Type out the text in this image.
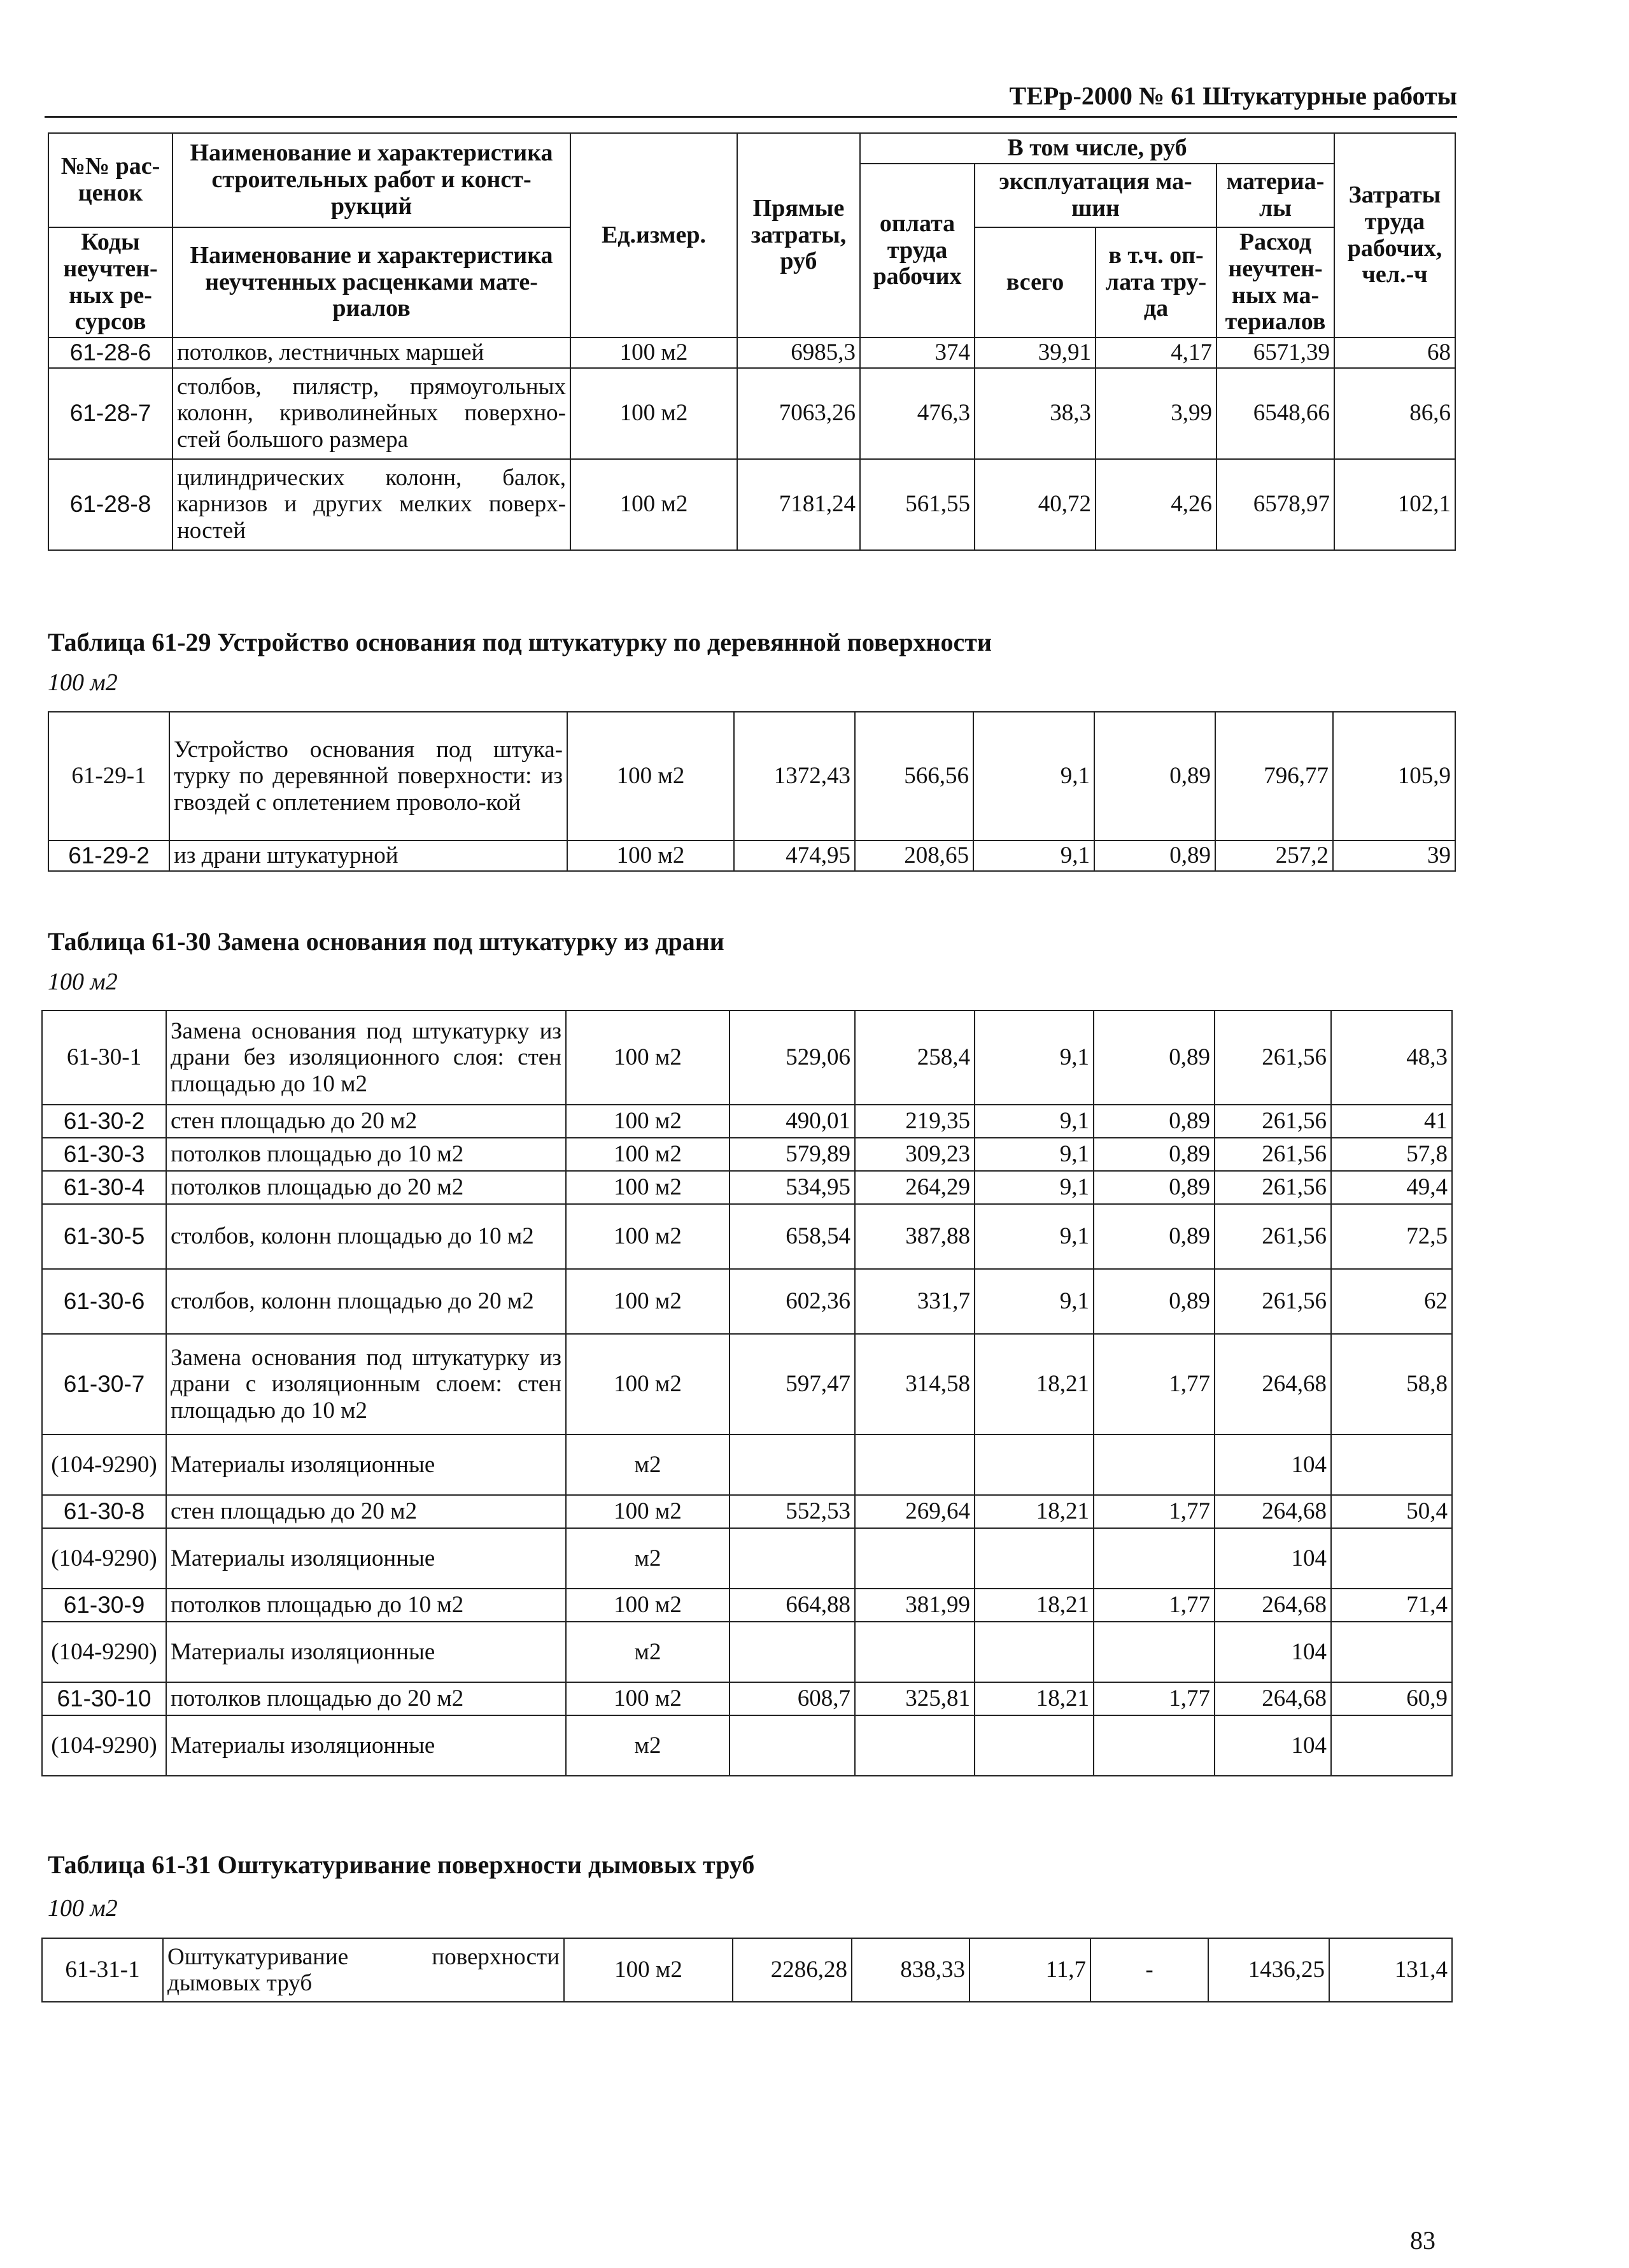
ТЕРр-2000 № 61 Штукатурные работы
№№ рас-ценок	Наименование и характеристика строительных работ и конст-рукций	Ед.измер.	Прямые затраты, руб	В том числе, руб				Затраты труда рабочих, чел.-ч
				оплата труда рабочих	эксплуатация ма-шин		материа-лы	

Коды неучтен-ных ре-сурсов	Наименование и характеристика неучтенных расценками мате-риалов				всего	в т.ч. оп-лата тру-да	Расход неучтен-ных ма-териалов	

61-28-6	потолков, лестничных маршей	100 м2	6985,3	374	39,91	4,17	6571,39	68
61-28-7	столбов, пилястр, прямоугольных колонн, криволинейных поверхно-стей большого размера	100 м2	7063,26	476,3	38,3	3,99	6548,66	86,6
61-28-8	цилиндрических колонн, балок, карнизов и других мелких поверх-ностей	100 м2	7181,24	561,55	40,72	4,26	6578,97	102,1
Таблица 61-29 Устройство основания под штукатурку по деревянной поверхности
100 м2
61-29-1	Устройство основания под штука-турку по деревянной поверхности: из гвоздей с оплетением проволо-кой	100 м2	1372,43	566,56	9,1	0,89	796,77	105,9
61-29-2	из драни штукатурной	100 м2	474,95	208,65	9,1	0,89	257,2	39
Таблица 61-30 Замена основания под штукатурку из драни
100 м2
61-30-1	Замена основания под штукатурку из драни без изоляционного слоя: стен площадью до 10 м2	100 м2	529,06	258,4	9,1	0,89	261,56	48,3
61-30-2	стен площадью до 20 м2	100 м2	490,01	219,35	9,1	0,89	261,56	41
61-30-3	потолков площадью до 10 м2	100 м2	579,89	309,23	9,1	0,89	261,56	57,8
61-30-4	потолков площадью до 20 м2	100 м2	534,95	264,29	9,1	0,89	261,56	49,4
61-30-5	столбов, колонн площадью до 10 м2	100 м2	658,54	387,88	9,1	0,89	261,56	72,5
61-30-6	столбов, колонн площадью до 20 м2	100 м2	602,36	331,7	9,1	0,89	261,56	62
61-30-7	Замена основания под штукатурку из драни с изоляционным слоем: стен площадью до 10 м2	100 м2	597,47	314,58	18,21	1,77	264,68	58,8
(104-9290)	Материалы изоляционные	м2					104	
61-30-8	стен площадью до 20 м2	100 м2	552,53	269,64	18,21	1,77	264,68	50,4
(104-9290)	Материалы изоляционные	м2					104	
61-30-9	потолков площадью до 10 м2	100 м2	664,88	381,99	18,21	1,77	264,68	71,4
(104-9290)	Материалы изоляционные	м2					104	
61-30-10	потолков площадью до 20 м2	100 м2	608,7	325,81	18,21	1,77	264,68	60,9
(104-9290)	Материалы изоляционные	м2					104	
Таблица 61-31 Оштукатуривание поверхности дымовых труб
100 м2
61-31-1	Оштукатуривание поверхности дымовых труб	100 м2	2286,28	838,33	11,7	-	1436,25	131,4
83
